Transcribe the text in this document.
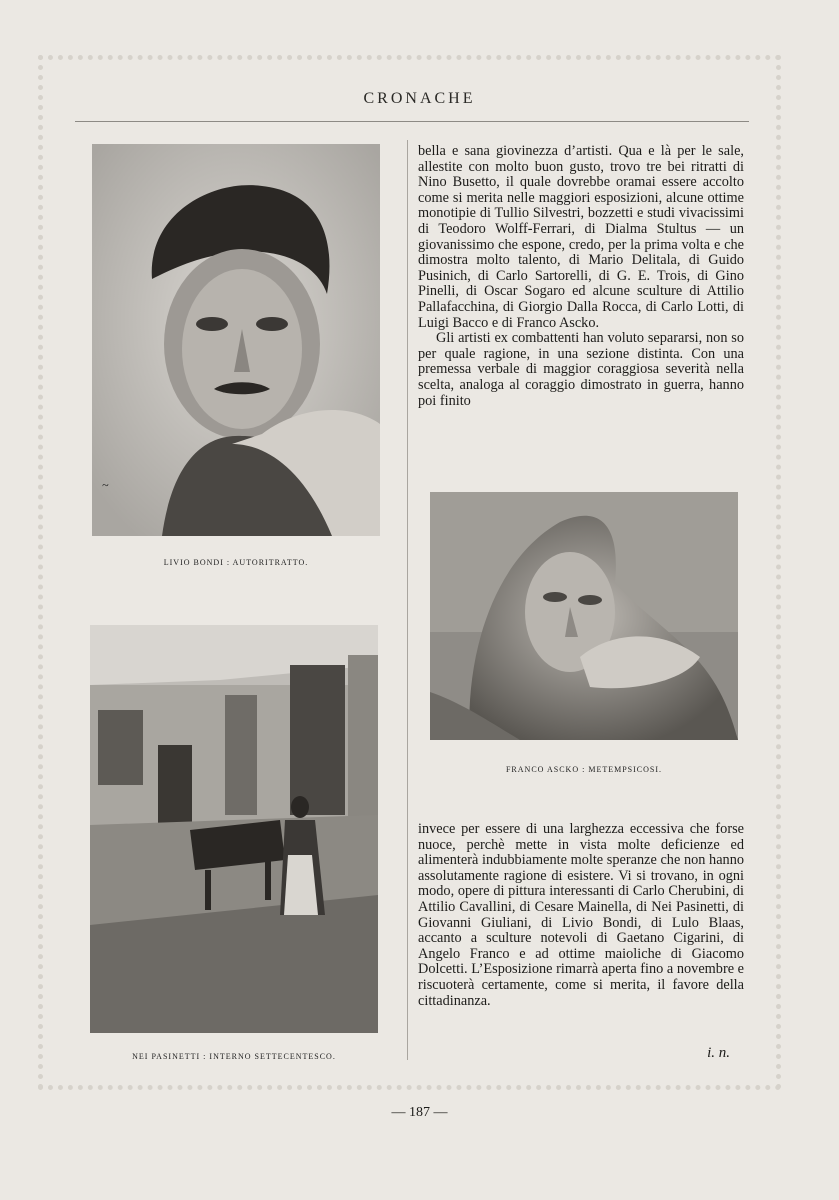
CRONACHE
~
LIVIO BONDI : AUTORITRATTO.
NEI PASINETTI : INTERNO SETTECENTESCO.
FRANCO ASCKO : METEMPSICOSI.

bella e sana giovinezza d’artisti. Qua e là per le sale, allestite con molto buon gusto, trovo tre bei ritratti di Nino Busetto, il quale dovrebbe oramai essere accolto come si merita nelle maggiori esposizioni, alcune ottime monotipie di Tullio Silvestri, bozzetti e studi vivacissimi di Teodoro Wolff-Ferrari, di Dialma Stultus — un giovanissimo che espone, credo, per la prima volta e che dimostra molto talento, di Mario Delitala, di Guido Pusinich, di Carlo Sartorelli, di G. E. Trois, di Gino Pinelli, di Oscar Sogaro ed alcune sculture di Attilio Pallafacchina, di Giorgio Dalla Rocca, di Carlo Lotti, di Luigi Bacco e di Franco Ascko.

Gli artisti ex combattenti han voluto separarsi, non so per quale ragione, in una sezione distinta. Con una premessa verbale di maggior coraggiosa severità nella scelta, analoga al coraggio dimostrato in guerra, hanno poi finito

invece per essere di una larghezza eccessiva che forse nuoce, perchè mette in vista molte deficienze ed alimenterà indubbiamente molte speranze che non hanno assolutamente ragione di esistere. Vi si trovano, in ogni modo, opere di pittura interessanti di Carlo Cherubini, di Attilio Cavallini, di Cesare Mainella, di Nei Pasinetti, di Giovanni Giuliani, di Livio Bondi, di Lulo Blaas, accanto a sculture notevoli di Gaetano Cigarini, di Angelo Franco e ad ottime maioliche di Giacomo Dolcetti. L’Esposizione rimarrà aperta fino a novembre e riscuoterà certamente, come si merita, il favore della cittadinanza.

i. n.
— 187 —
